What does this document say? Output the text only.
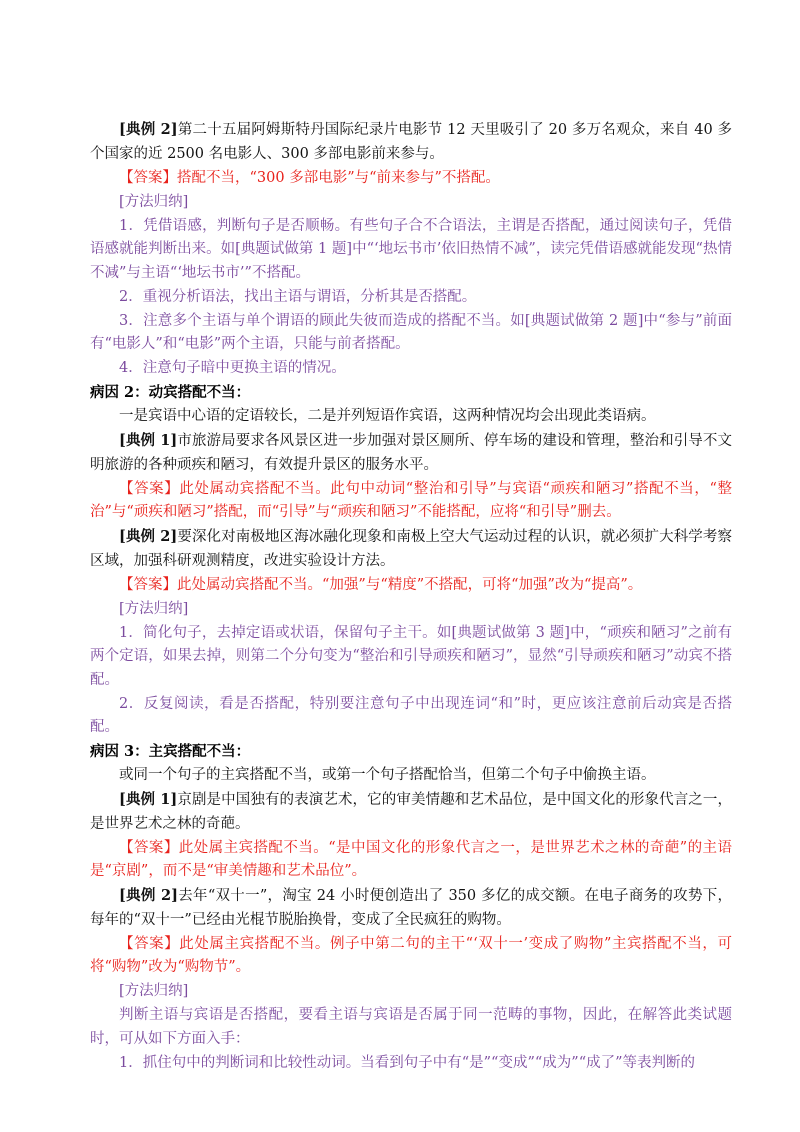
[典例 2]第二十五届阿姆斯特丹国际纪录片电影节 12 天里吸引了 20 多万名观众，来自 40 多个国家的近 2500 名电影人、300 多部电影前来参与。
【答案】搭配不当，“300 多部电影”与“前来参与”不搭配。
[方法归纳]
1．凭借语感，判断句子是否顺畅。有些句子合不合语法，主谓是否搭配，通过阅读句子，凭借语感就能判断出来。如[典题试做第 1 题]中“‘地坛书市’依旧热情不减”，读完凭借语感就能发现“热情不减”与主语“‘地坛书市’”不搭配。
2．重视分析语法，找出主语与谓语，分析其是否搭配。
3．注意多个主语与单个谓语的顾此失彼而造成的搭配不当。如[典题试做第 2 题]中“参与”前面有“电影人”和“电影”两个主语，只能与前者搭配。
4．注意句子暗中更换主语的情况。
病因 2：动宾搭配不当：
一是宾语中心语的定语较长，二是并列短语作宾语，这两种情况均会出现此类语病。
[典例 1]市旅游局要求各风景区进一步加强对景区厕所、停车场的建设和管理，整治和引导不文明旅游的各种顽疾和陋习，有效提升景区的服务水平。
【答案】此处属动宾搭配不当。此句中动词“整治和引导”与宾语“顽疾和陋习”搭配不当，“整治”与“顽疾和陋习”搭配，而“引导”与“顽疾和陋习”不能搭配，应将“和引导”删去。
[典例 2]要深化对南极地区海冰融化现象和南极上空大气运动过程的认识，就必须扩大科学考察区域，加强科研观测精度，改进实验设计方法。
【答案】此处属动宾搭配不当。“加强”与“精度”不搭配，可将“加强”改为“提高”。
[方法归纳]
1．简化句子，去掉定语或状语，保留句子主干。如[典题试做第 3 题]中，“顽疾和陋习”之前有两个定语，如果去掉，则第二个分句变为“整治和引导顽疾和陋习”，显然“引导顽疾和陋习”动宾不搭配。
2．反复阅读，看是否搭配，特别要注意句子中出现连词“和”时，更应该注意前后动宾是否搭配。
病因 3：主宾搭配不当：
或同一个句子的主宾搭配不当，或第一个句子搭配恰当，但第二个句子中偷换主语。
[典例 1]京剧是中国独有的表演艺术，它的审美情趣和艺术品位，是中国文化的形象代言之一，是世界艺术之林的奇葩。
【答案】此处属主宾搭配不当。“是中国文化的形象代言之一，是世界艺术之林的奇葩”的主语是“京剧”，而不是“审美情趣和艺术品位”。
[典例 2]去年“双十一”，淘宝 24 小时便创造出了 350 多亿的成交额。在电子商务的攻势下，每年的“双十一”已经由光棍节脱胎换骨，变成了全民疯狂的购物。
【答案】此处属主宾搭配不当。例子中第二句的主干“‘双十一’变成了购物”主宾搭配不当，可将“购物”改为“购物节”。
[方法归纳]
判断主语与宾语是否搭配，要看主语与宾语是否属于同一范畴的事物，因此，在解答此类试题时，可从如下方面入手：
1．抓住句中的判断词和比较性动词。当看到句子中有“是”“变成”“成为”“成了”等表判断的
